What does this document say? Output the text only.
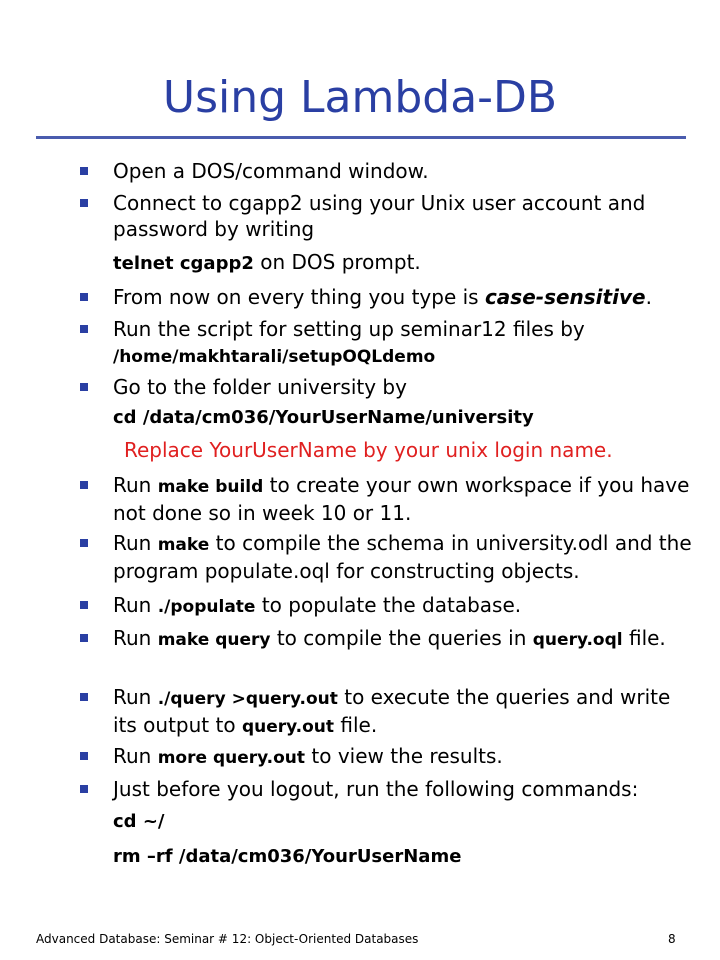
Using Lambda-DB
Open a DOS/command window.
Connect to cgapp2 using your Unix user account and password by writing
telnet cgapp2 on DOS prompt.
From now on every thing you type is case-sensitive.
Run the script for setting up seminar12 files by
/home/makhtarali/setupOQLdemo
Go to the folder university by
cd /data/cm036/YourUserName/university
Replace YourUserName by your unix login name.
Run make build to create your own workspace if you have not done so in week 10 or 11.
Run make to compile the schema in university.odl and the program populate.oql for constructing objects.
Run ./populate to populate the database.
Run make query to compile the queries in query.oql file.
Run ./query >query.out to execute the queries and write its output to query.out file.
Run more query.out to view the results.
Just before you logout, run the following commands:
cd ~/
rm –rf /data/cm036/YourUserName
Advanced Database: Seminar # 12: Object-Oriented Databases	8
